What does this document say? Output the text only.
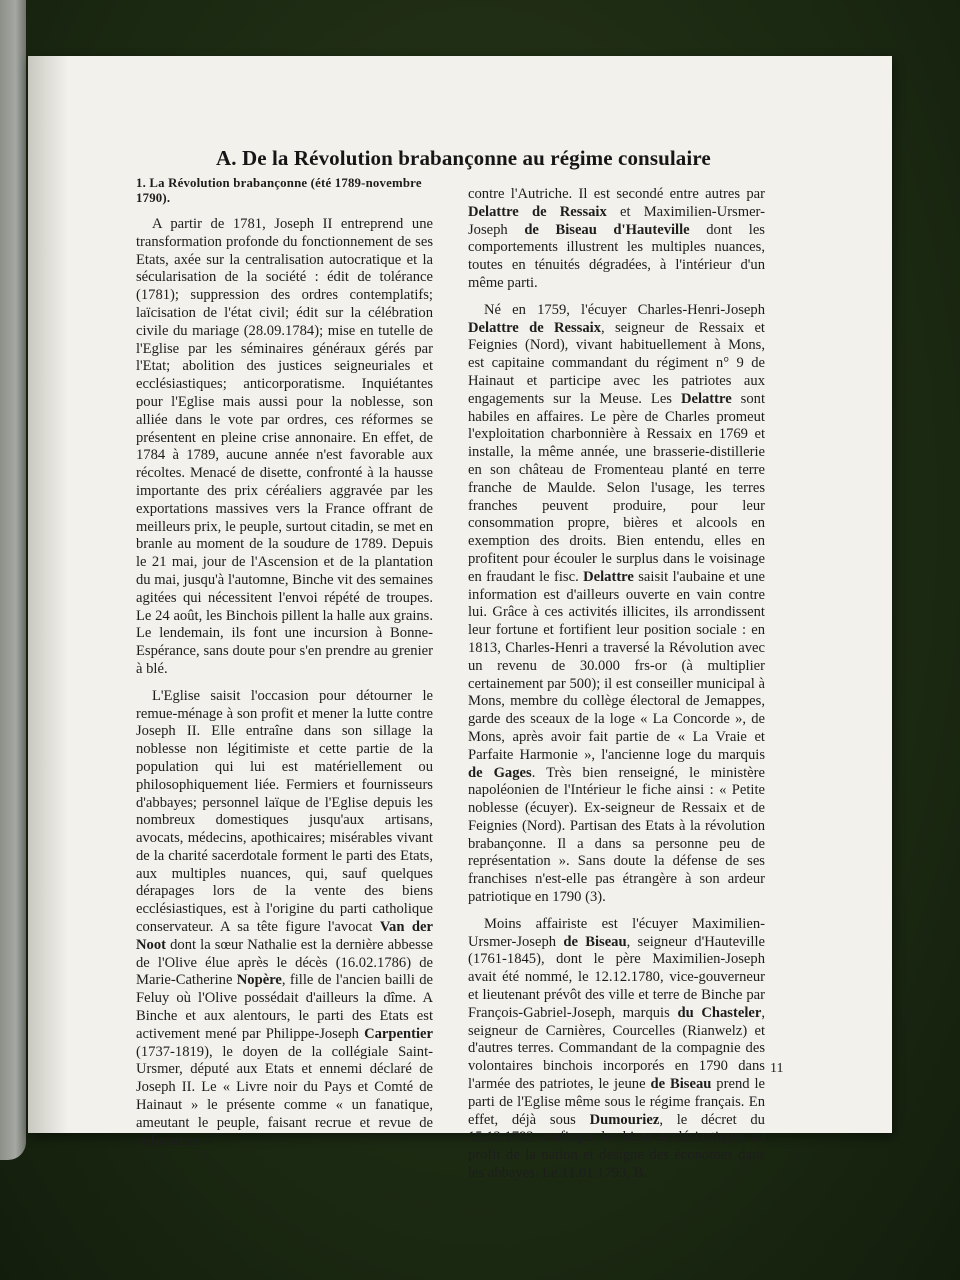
A. De la Révolution brabançonne au régime consulaire
1. La Révolution brabançonne (été 1789-novembre 1790).

A partir de 1781, Joseph II entreprend une transformation profonde du fonctionnement de ses Etats, axée sur la centralisation autocratique et la sécularisation de la société : édit de tolérance (1781); suppression des ordres contemplatifs; laïcisation de l'état civil; édit sur la célébration civile du mariage (28.09.1784); mise en tutelle de l'Eglise par les séminaires généraux gérés par l'Etat; abolition des justices seigneuriales et ecclésiastiques; anticorporatisme. Inquiétantes pour l'Eglise mais aussi pour la noblesse, son alliée dans le vote par ordres, ces réformes se présentent en pleine crise annonaire. En effet, de 1784 à 1789, aucune année n'est favorable aux récoltes. Menacé de disette, confronté à la hausse importante des prix céréaliers aggravée par les exportations massives vers la France offrant de meilleurs prix, le peuple, surtout citadin, se met en branle au moment de la soudure de 1789. Depuis le 21 mai, jour de l'Ascension et de la plantation du mai, jusqu'à l'automne, Binche vit des semaines agitées qui nécessitent l'envoi répété de troupes. Le 24 août, les Binchois pillent la halle aux grains. Le lendemain, ils font une incursion à Bonne-Espérance, sans doute pour s'en prendre au grenier à blé.

L'Eglise saisit l'occasion pour détourner le remue-ménage à son profit et mener la lutte contre Joseph II. Elle entraîne dans son sillage la noblesse non légitimiste et cette partie de la population qui lui est matériellement ou philosophiquement liée. Fermiers et fournisseurs d'abbayes; personnel laïque de l'Eglise depuis les nombreux domestiques jusqu'aux artisans, avocats, médecins, apothicaires; misérables vivant de la charité sacerdotale forment le parti des Etats, aux multiples nuances, qui, sauf quelques dérapages lors de la vente des biens ecclésiastiques, est à l'origine du parti catholique conservateur. A sa tête figure l'avocat Van der Noot dont la sœur Nathalie est la dernière abbesse de l'Olive élue après le décès (16.02.1786) de Marie-Catherine Nopère, fille de l'ancien bailli de Feluy où l'Olive possédait d'ailleurs la dîme. A Binche et aux alentours, le parti des Etats est activement mené par Philippe-Joseph Carpentier (1737-1819), le doyen de la collégiale Saint-Ursmer, député aux Etats et ennemi déclaré de Joseph II. Le « Livre noir du Pays et Comté de Hainaut » le présente comme « un fanatique, ameutant le peuple, faisant recrue et revue de volontaires »

contre l'Autriche. Il est secondé entre autres par Delattre de Ressaix et Maximilien-Ursmer-Joseph de Biseau d'Hauteville dont les comportements illustrent les multiples nuances, toutes en ténuités dégradées, à l'intérieur d'un même parti.

Né en 1759, l'écuyer Charles-Henri-Joseph Delattre de Ressaix, seigneur de Ressaix et Feignies (Nord), vivant habituellement à Mons, est capitaine commandant du régiment n° 9 de Hainaut et participe avec les patriotes aux engagements sur la Meuse. Les Delattre sont habiles en affaires. Le père de Charles promeut l'exploitation charbonnière à Ressaix en 1769 et installe, la même année, une brasserie-distillerie en son château de Fromenteau planté en terre franche de Maulde. Selon l'usage, les terres franches peuvent produire, pour leur consommation propre, bières et alcools en exemption des droits. Bien entendu, elles en profitent pour écouler le surplus dans le voisinage en fraudant le fisc. Delattre saisit l'aubaine et une information est d'ailleurs ouverte en vain contre lui. Grâce à ces activités illicites, ils arrondissent leur fortune et fortifient leur position sociale : en 1813, Charles-Henri a traversé la Révolution avec un revenu de 30.000 frs-or (à multiplier certainement par 500); il est conseiller municipal à Mons, membre du collège électoral de Jemappes, garde des sceaux de la loge « La Concorde », de Mons, après avoir fait partie de « La Vraie et Parfaite Harmonie », l'ancienne loge du marquis de Gages. Très bien renseigné, le ministère napoléonien de l'Intérieur le fiche ainsi : « Petite noblesse (écuyer). Ex-seigneur de Ressaix et de Feignies (Nord). Partisan des Etats à la révolution brabançonne. Il a dans sa personne peu de représentation ». Sans doute la défense de ses franchises n'est-elle pas étrangère à son ardeur patriotique en 1790 (3).

Moins affairiste est l'écuyer Maximilien-Ursmer-Joseph de Biseau, seigneur d'Hauteville (1761-1845), dont le père Maximilien-Joseph avait été nommé, le 12.12.1780, vice-gouverneur et lieutenant prévôt des ville et terre de Binche par François-Gabriel-Joseph, marquis du Chasteler, seigneur de Carnières, Courcelles (Rianwelz) et d'autres terres. Commandant de la compagnie des volontaires binchois incorporés en 1790 dans l'armée des patriotes, le jeune de Biseau prend le parti de l'Eglise même sous le régime français. En effet, déjà sous Dumouriez, le décret du 15.12.1792 confisque les biens ecclésiastiques au profit de la nation et désigne des économes dans les abbayes. Le 11.01.1793, B.

11
